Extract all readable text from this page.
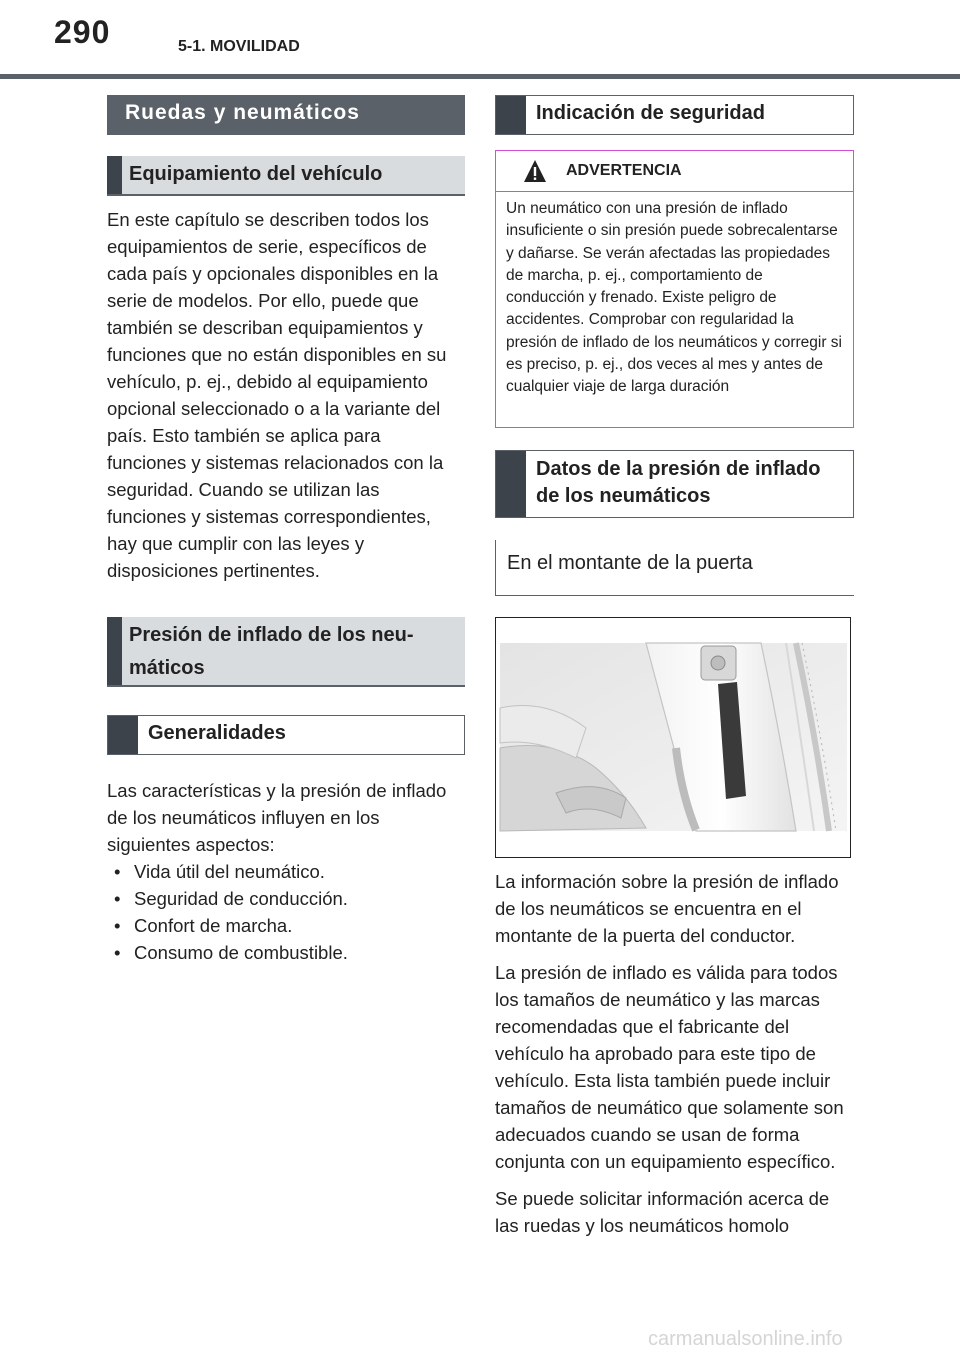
290	5-1. MOVILIDAD
Ruedas y neumáticos
Equipamiento del vehículo

En este capítulo se describen todos los equipamientos de serie, específicos de cada país y opcionales disponibles en la serie de modelos. Por ello, puede que también se describan equipamientos y funciones que no están disponibles en su vehículo, p. ej., debido al equipamiento opcional seleccionado o a la variante del país. Esto también se aplica para funciones y sistemas relacionados con la seguridad. Cuando se utilizan las funciones y sistemas correspondientes, hay que cumplir con las leyes y disposiciones pertinentes.

Presión de inflado de los neumáticos
Generalidades

Las características y la presión de inflado de los neumáticos influyen en los siguientes aspectos:

• Vida útil del neumático.
• Seguridad de conducción.
• Confort de marcha.
• Consumo de combustible.
Indicación de seguridad
ADVERTENCIA
Un neumático con una presión de inflado insuficiente o sin presión puede sobrecalentarse y dañarse. Se verán afectadas las propiedades de marcha, p. ej., comportamiento de conducción y frenado. Existe peligro de accidentes. Comprobar con regularidad la presión de inflado de los neumáticos y corregir si es preciso, p. ej., dos veces al mes y antes de cualquier viaje de larga duración
Datos de la presión de inflado de los neumáticos
En el montante de la puerta

La información sobre la presión de inflado de los neumáticos se encuentra en el montante de la puerta del conductor.

La presión de inflado es válida para todos los tamaños de neumático y las marcas recomendadas que el fabricante del vehículo ha aprobado para este tipo de vehículo. Esta lista también puede incluir tamaños de neumático que solamente son adecuados cuando se usan de forma conjunta con un equipamiento específico.

Se puede solicitar información acerca de las ruedas y los neumáticos homolo

carmanualsonline.info
